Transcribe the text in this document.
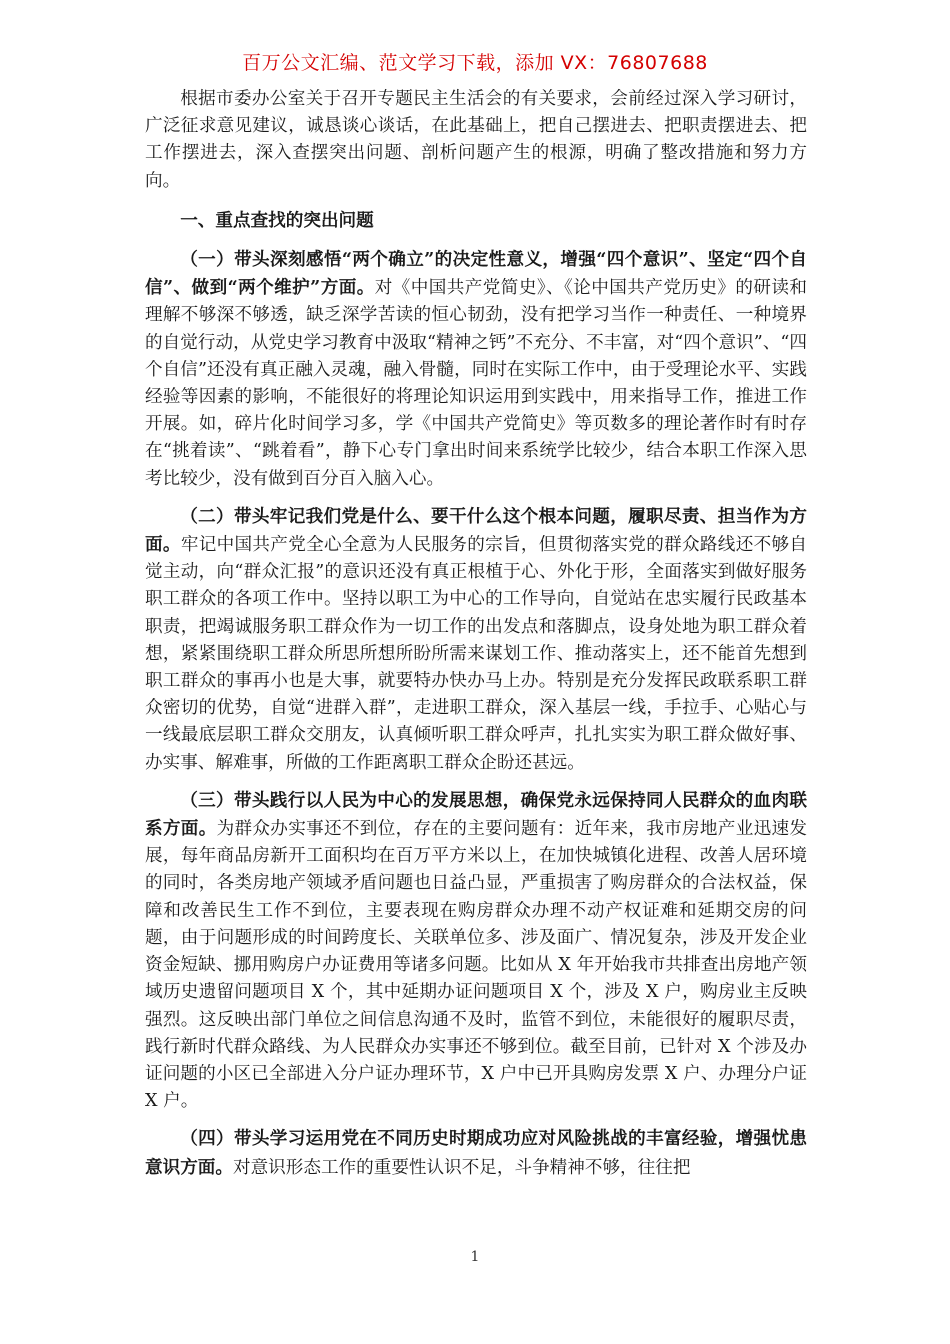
百万公文汇编、范文学习下载，添加 VX：76807688

根据市委办公室关于召开专题民主生活会的有关要求，会前经过深入学习研讨，广泛征求意见建议，诚恳谈心谈话，在此基础上，把自己摆进去、把职责摆进去、把工作摆进去，深入查摆突出问题、剖析问题产生的根源，明确了整改措施和努力方向。

一、重点查找的突出问题

（一）带头深刻感悟“两个确立”的决定性意义，增强“四个意识”、坚定“四个自信”、做到“两个维护”方面。对《中国共产党简史》、《论中国共产党历史》的研读和理解不够深不够透，缺乏深学苦读的恒心韧劲，没有把学习当作一种责任、一种境界的自觉行动，从党史学习教育中汲取“精神之钙”不充分、不丰富，对“四个意识”、“四个自信”还没有真正融入灵魂，融入骨髓，同时在实际工作中，由于受理论水平、实践经验等因素的影响，不能很好的将理论知识运用到实践中，用来指导工作，推进工作开展。如，碎片化时间学习多，学《中国共产党简史》等页数多的理论著作时有时存在“挑着读”、“跳着看”，静下心专门拿出时间来系统学比较少，结合本职工作深入思考比较少，没有做到百分百入脑入心。

（二）带头牢记我们党是什么、要干什么这个根本问题，履职尽责、担当作为方面。牢记中国共产党全心全意为人民服务的宗旨，但贯彻落实党的群众路线还不够自觉主动，向“群众汇报”的意识还没有真正根植于心、外化于形，全面落实到做好服务职工群众的各项工作中。坚持以职工为中心的工作导向，自觉站在忠实履行民政基本职责，把竭诚服务职工群众作为一切工作的出发点和落脚点，设身处地为职工群众着想，紧紧围绕职工群众所思所想所盼所需来谋划工作、推动落实上，还不能首先想到职工群众的事再小也是大事，就要特办快办马上办。特别是充分发挥民政联系职工群众密切的优势，自觉“进群入群”，走进职工群众，深入基层一线，手拉手、心贴心与一线最底层职工群众交朋友，认真倾听职工群众呼声，扎扎实实为职工群众做好事、办实事、解难事，所做的工作距离职工群众企盼还甚远。

（三）带头践行以人民为中心的发展思想，确保党永远保持同人民群众的血肉联系方面。为群众办实事还不到位，存在的主要问题有：近年来，我市房地产业迅速发展，每年商品房新开工面积均在百万平方米以上，在加快城镇化进程、改善人居环境的同时，各类房地产领域矛盾问题也日益凸显，严重损害了购房群众的合法权益，保障和改善民生工作不到位，主要表现在购房群众办理不动产权证难和延期交房的问题，由于问题形成的时间跨度长、关联单位多、涉及面广、情况复杂，涉及开发企业资金短缺、挪用购房户办证费用等诸多问题。比如从 X 年开始我市共排查出房地产领域历史遗留问题项目 X 个，其中延期办证问题项目 X 个，涉及 X 户，购房业主反映强烈。这反映出部门单位之间信息沟通不及时，监管不到位，未能很好的履职尽责，践行新时代群众路线、为人民群众办实事还不够到位。截至目前，已针对 X 个涉及办证问题的小区已全部进入分户证办理环节，X 户中已开具购房发票 X 户、办理分户证 X 户。

（四）带头学习运用党在不同历史时期成功应对风险挑战的丰富经验，增强忧患意识方面。对意识形态工作的重要性认识不足，斗争精神不够，往往把

1
